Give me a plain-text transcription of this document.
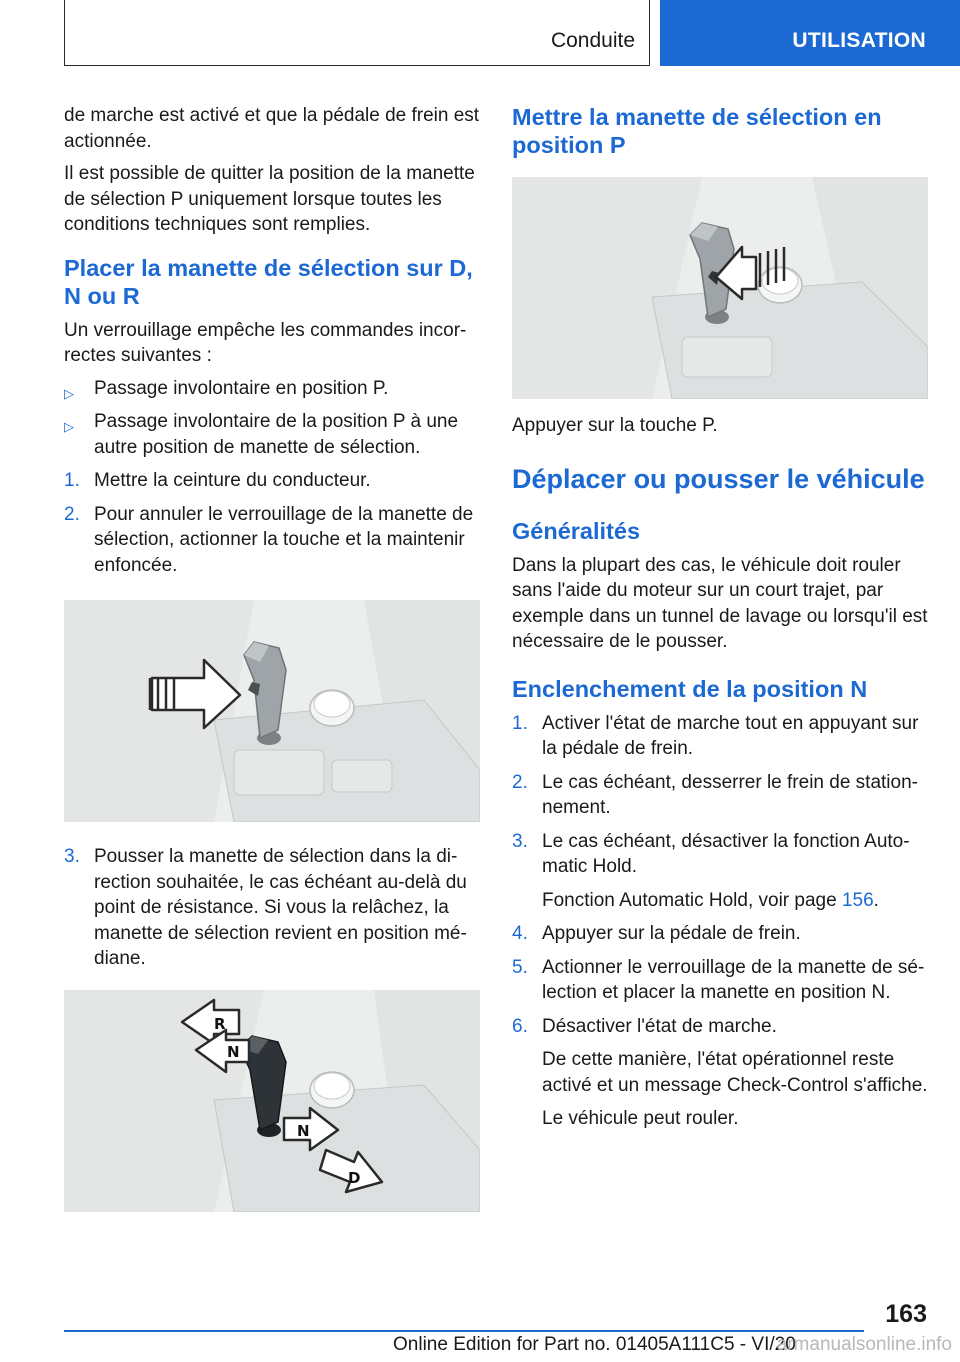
Conduite	UTILISATION

de marche est activé et que la pédale de frein est actionnée.

Il est possible de quitter la position de la manette de sélection P uniquement lorsque toutes les conditions techniques sont remplies.

Placer la manette de sélection sur D, N ou R

Un verrouillage empêche les commandes incorrectes suivantes :

▷ Passage involontaire en position P.
▷ Passage involontaire de la position P à une autre position de manette de sélection.
1. Mettre la ceinture du conducteur.
2. Pour annuler le verrouillage de la manette de sélection, actionner la touche et la maintenir enfoncée.
3. Pousser la manette de sélection dans la direction souhaitée, le cas échéant au-delà du point de résistance. Si vous la relâchez, la manette de sélection revient en position médiane.
R
N
N
D
Mettre la manette de sélection en position P

Appuyer sur la touche P.

Déplacer ou pousser le véhicule
Généralités

Dans la plupart des cas, le véhicule doit rouler sans l'aide du moteur sur un court trajet, par exemple dans un tunnel de lavage ou lorsqu'il est nécessaire de le pousser.

Enclenchement de la position N
1. Activer l'état de marche tout en appuyant sur la pédale de frein.
2. Le cas échéant, desserrer le frein de stationnement.
3. Le cas échéant, désactiver la fonction Automatic Hold.
Fonction Automatic Hold, voir page 156.
4. Appuyer sur la pédale de frein.
5. Actionner le verrouillage de la manette de sélection et placer la manette en position N.
6. Désactiver l'état de marche.
De cette manière, l'état opérationnel reste activé et un message Check-Control s'affiche.
Le véhicule peut rouler.
163
Online Edition for Part no. 01405A111C5 - VI/20
armanualsonline.info
